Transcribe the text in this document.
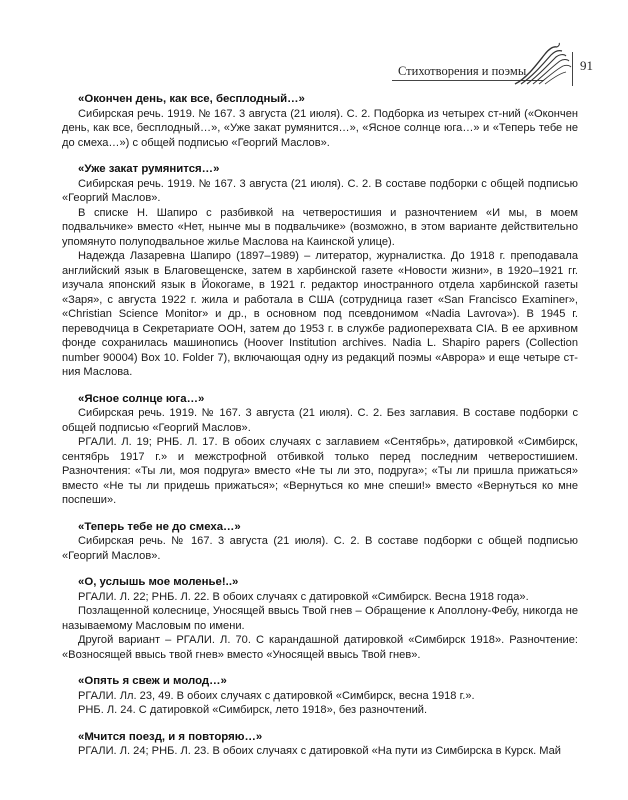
Стихотворения и поэмы	91
«Окончен день, как все, бесплодный…»

Сибирская речь. 1919. № 167. 3 августа (21 июля). С. 2. Подборка из четырех ст-ний («Окончен день, как все, бесплодный…», «Уже закат румянится…», «Ясное солнце юга…» и «Теперь тебе не до смеха…») с общей подписью «Георгий Маслов».

«Уже закат румянится…»

Сибирская речь. 1919. № 167. 3 августа (21 июля). С. 2. В составе подборки с общей подписью «Георгий Маслов».

В списке Н. Шапиро с разбивкой на четверостишия и разночтением «И мы, в моем подвальчике» вместо «Нет, нынче мы в подвальчике» (возможно, в этом варианте действительно упомянуто полуподвальное жилье Маслова на Каинской улице).

Надежда Лазаревна Шапиро (1897–1989) – литератор, журналистка. До 1918 г. преподавала английский язык в Благовещенске, затем в харбинской газете «Новости жизни», в 1920–1921 гг. изучала японский язык в Йокогаме, в 1921 г. редактор иностранного отдела харбинской газеты «Заря», с августа 1922 г. жила и работала в США (сотрудница газет «San Francisco Examiner», «Christian Science Monitor» и др., в основном под псевдонимом «Nadia Lavrova»). В 1945 г. переводчица в Секретариате ООН, затем до 1953 г. в службе радиоперехвата CIA. В ее архивном фонде сохранилась машинопись (Hoover Institution archives. Nadia L. Shapiro papers (Collection number 90004) Box 10. Folder 7), включающая одну из редакций поэмы «Аврора» и еще четыре ст-ния Маслова.

«Ясное солнце юга…»

Сибирская речь. 1919. № 167. 3 августа (21 июля). С. 2. Без заглавия. В составе подборки с общей подписью «Георгий Маслов».

РГАЛИ. Л. 19; РНБ. Л. 17. В обоих случаях с заглавием «Сентябрь», датировкой «Симбирск, сентябрь 1917 г.» и межстрофной отбивкой только перед последним четверостишием. Разночтения: «Ты ли, моя подруга» вместо «Не ты ли это, подруга»; «Ты ли пришла прижаться» вместо «Не ты ли придешь прижаться»; «Вернуться ко мне спеши!» вместо «Вернуться ко мне поспеши».

«Теперь тебе не до смеха…»

Сибирская речь. № 167. 3 августа (21 июля). С. 2. В составе подборки с общей подписью «Георгий Маслов».

«О, услышь мое моленье!..»

РГАЛИ. Л. 22; РНБ. Л. 22. В обоих случаях с датировкой «Симбирск. Весна 1918 года».

Позлащенной колеснице, Уносящей ввысь Твой гнев – Обращение к Аполлону-Фебу, никогда не называемому Масловым по имени.

Другой вариант – РГАЛИ. Л. 70. С карандашной датировкой «Симбирск 1918». Разночтение: «Возносящей ввысь твой гнев» вместо «Уносящей ввысь Твой гнев».

«Опять я свеж и молод…»

РГАЛИ. Лл. 23, 49. В обоих случаях с датировкой «Симбирск, весна 1918 г.».

РНБ. Л. 24. С датировкой «Симбирск, лето 1918», без разночтений.

«Мчится поезд, и я повторяю…»

РГАЛИ. Л. 24; РНБ. Л. 23. В обоих случаях с датировкой «На пути из Симбирска в Курск. Май
